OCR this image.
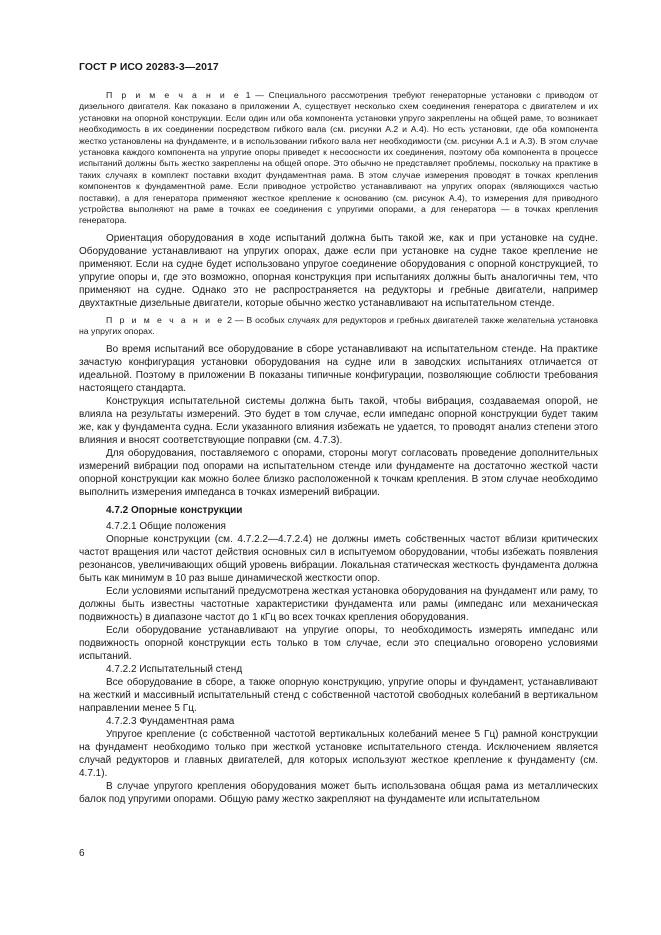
ГОСТ Р ИСО 20283-3—2017

П р и м е ч а н и е 1 — Специального рассмотрения требуют генераторные установки с приводом от дизельного двигателя. Как показано в приложении А, существует несколько схем соединения генератора с двигателем и их установки на опорной конструкции. Если один или оба компонента установки упруго закреплены на общей раме, то возникает необходимость в их соединении посредством гибкого вала (см. рисунки А.2 и А.4). Но есть установки, где оба компонента жестко установлены на фундаменте, и в использовании гибкого вала нет необходимости (см. рисунки А.1 и А.3). В этом случае установка каждого компонента на упругие опоры приведет к несоосности их соединения, поэтому оба компонента в процессе испытаний должны быть жестко закреплены на общей опоре. Это обычно не представляет проблемы, поскольку на практике в таких случаях в комплект поставки входит фундаментная рама. В этом случае измерения проводят в точках крепления компонентов к фундаментной раме. Если приводное устройство устанавливают на упругих опорах (являющихся частью поставки), а для генератора применяют жесткое крепление к основанию (см. рисунок А.4), то измерения для приводного устройства выполняют на раме в точках ее соединения с упругими опорами, а для генератора — в точках крепления генератора.

Ориентация оборудования в ходе испытаний должна быть такой же, как и при установке на судне. Оборудование устанавливают на упругих опорах, даже если при установке на судне такое крепление не применяют. Если на судне будет использовано упругое соединение оборудования с опорной конструкцией, то упругие опоры и, где это возможно, опорная конструкция при испытаниях должны быть аналогичны тем, что применяют на судне. Однако это не распространяется на редукторы и гребные двигатели, например двухтактные дизельные двигатели, которые обычно жестко устанавливают на испытательном стенде.

П р и м е ч а н и е 2 — В особых случаях для редукторов и гребных двигателей также желательна установка на упругих опорах.

Во время испытаний все оборудование в сборе устанавливают на испытательном стенде. На практике зачастую конфигурация установки оборудования на судне или в заводских испытаниях отличается от идеальной. Поэтому в приложении В показаны типичные конфигурации, позволяющие соблюсти требования настоящего стандарта.

Конструкция испытательной системы должна быть такой, чтобы вибрация, создаваемая опорой, не влияла на результаты измерений. Это будет в том случае, если импеданс опорной конструкции будет таким же, как у фундамента судна. Если указанного влияния избежать не удается, то проводят анализ степени этого влияния и вносят соответствующие поправки (см. 4.7.3).

Для оборудования, поставляемого с опорами, стороны могут согласовать проведение дополнительных измерений вибрации под опорами на испытательном стенде или фундаменте на достаточно жесткой части опорной конструкции как можно более близко расположенной к точкам крепления. В этом случае необходимо выполнить измерения импеданса в точках измерений вибрации.

4.7.2 Опорные конструкции

4.7.2.1 Общие положения

Опорные конструкции (см. 4.7.2.2—4.7.2.4) не должны иметь собственных частот вблизи критических частот вращения или частот действия основных сил в испытуемом оборудовании, чтобы избежать появления резонансов, увеличивающих общий уровень вибрации. Локальная статическая жесткость фундамента должна быть как минимум в 10 раз выше динамической жесткости опор.

Если условиями испытаний предусмотрена жесткая установка оборудования на фундамент или раму, то должны быть известны частотные характеристики фундамента или рамы (импеданс или механическая подвижность) в диапазоне частот до 1 кГц во всех точках крепления оборудования.

Если оборудование устанавливают на упругие опоры, то необходимость измерять импеданс или подвижность опорной конструкции есть только в том случае, если это специально оговорено условиями испытаний.

4.7.2.2 Испытательный стенд

Все оборудование в сборе, а также опорную конструкцию, упругие опоры и фундамент, устанавливают на жесткий и массивный испытательный стенд с собственной частотой свободных колебаний в вертикальном направлении менее 5 Гц.

4.7.2.3 Фундаментная рама

Упругое крепление (с собственной частотой вертикальных колебаний менее 5 Гц) рамной конструкции на фундамент необходимо только при жесткой установке испытательного стенда. Исключением является случай редукторов и главных двигателей, для которых используют жесткое крепление к фундаменту (см. 4.7.1).

В случае упругого крепления оборудования может быть использована общая рама из металлических балок под упругими опорами. Общую раму жестко закрепляют на фундаменте или испытательном

6
